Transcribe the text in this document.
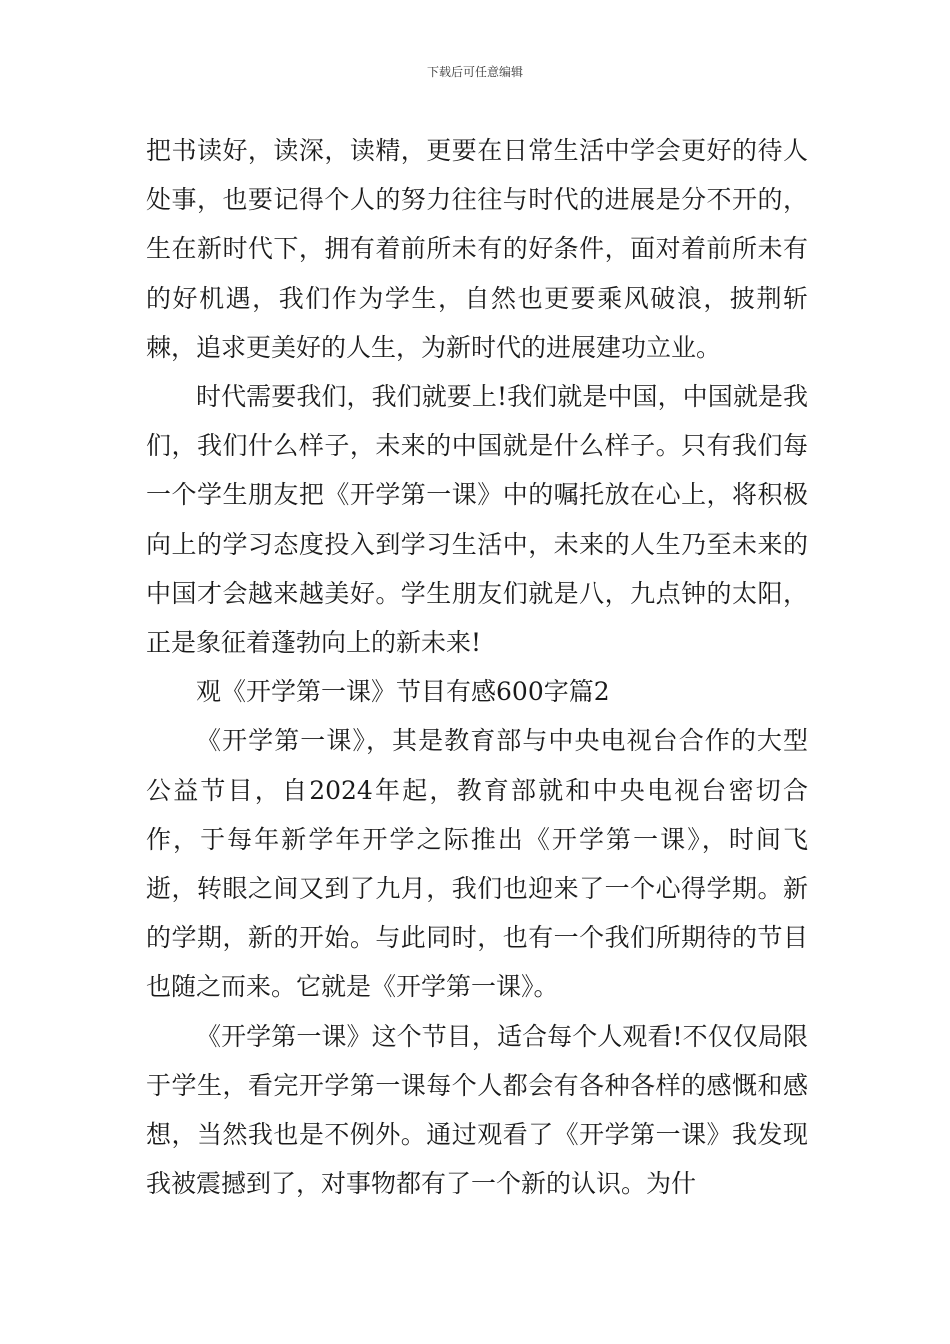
下载后可任意编辑

把书读好，读深，读精，更要在日常生活中学会更好的待人处事，也要记得个人的努力往往与时代的进展是分不开的，生在新时代下，拥有着前所未有的好条件，面对着前所未有的好机遇，我们作为学生，自然也更要乘风破浪，披荆斩棘，追求更美好的人生，为新时代的进展建功立业。

时代需要我们，我们就要上!我们就是中国，中国就是我们，我们什么样子，未来的中国就是什么样子。只有我们每一个学生朋友把《开学第一课》中的嘱托放在心上，将积极向上的学习态度投入到学习生活中，未来的人生乃至未来的中国才会越来越美好。学生朋友们就是八，九点钟的太阳，正是象征着蓬勃向上的新未来!

观《开学第一课》节目有感600字篇2

《开学第一课》，其是教育部与中央电视台合作的大型公益节目，自2024年起，教育部就和中央电视台密切合作，于每年新学年开学之际推出《开学第一课》，时间飞逝，转眼之间又到了九月，我们也迎来了一个心得学期。新的学期，新的开始。与此同时，也有一个我们所期待的节目也随之而来。它就是《开学第一课》。

《开学第一课》这个节目，适合每个人观看!不仅仅局限于学生，看完开学第一课每个人都会有各种各样的感慨和感想，当然我也是不例外。通过观看了《开学第一课》我发现我被震撼到了，对事物都有了一个新的认识。为什
